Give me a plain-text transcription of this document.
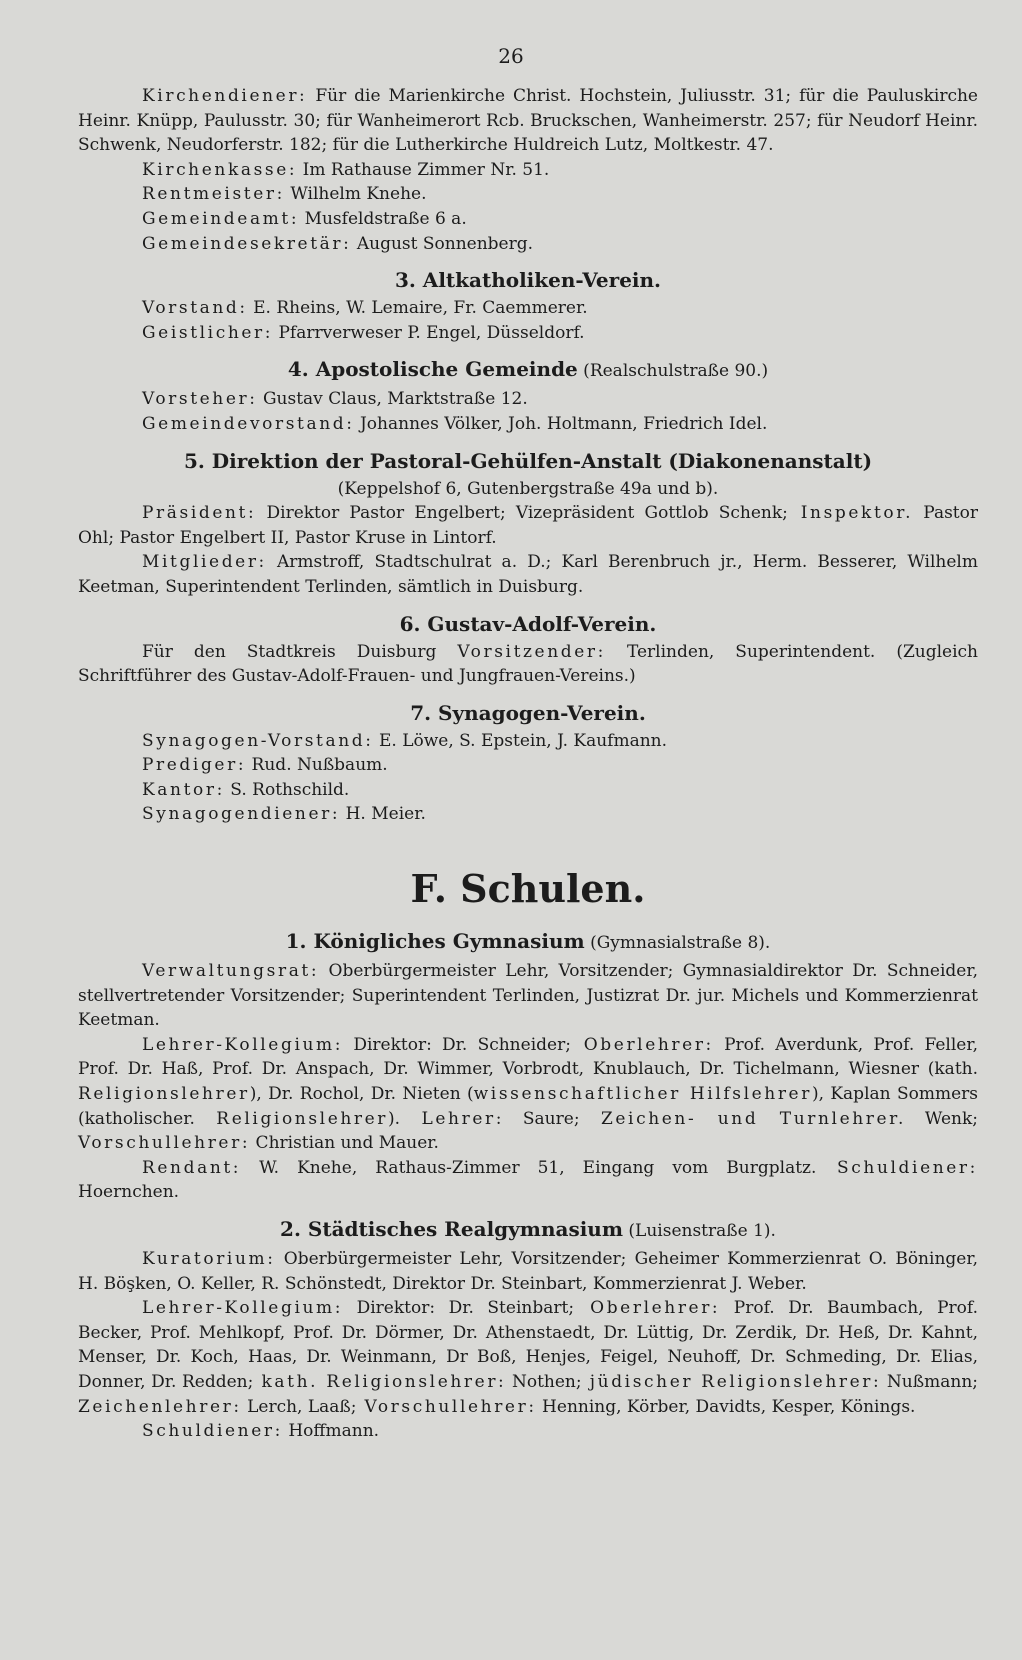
26

Kirchendiener: Für die Marienkirche Christ. Hochstein, Juliusstr. 31; für die Pauluskirche Heinr. Knüpp, Paulusstr. 30; für Wanheimerort Rcb. Bruckschen, Wanheimerstr. 257; für Neudorf Heinr. Schwenk, Neudorferstr. 182; für die Lutherkirche Huldreich Lutz, Moltkestr. 47.

Kirchenkasse: Im Rathause Zimmer Nr. 51.

Rentmeister: Wilhelm Knehe.

Gemeindeamt: Musfeldstraße 6 a.

Gemeindesekretär: August Sonnenberg.

3. Altkatholiken-Verein.

Vorstand: E. Rheins, W. Lemaire, Fr. Caemmerer.

Geistlicher: Pfarrverweser P. Engel, Düsseldorf.

4. Apostolische Gemeinde (Realschulstraße 90.)

Vorsteher: Gustav Claus, Marktstraße 12.

Gemeindevorstand: Johannes Völker, Joh. Holtmann, Friedrich Idel.

5. Direktion der Pastoral-Gehülfen-Anstalt (Diakonenanstalt)

(Keppelshof 6, Gutenbergstraße 49a und b).

Präsident: Direktor Pastor Engelbert; Vizepräsident Gottlob Schenk; Inspektor. Pastor Ohl; Pastor Engelbert II, Pastor Kruse in Lintorf.

Mitglieder: Armstroff, Stadtschulrat a. D.; Karl Berenbruch jr., Herm. Besserer, Wilhelm Keetman, Superintendent Terlinden, sämtlich in Duisburg.

6. Gustav-Adolf-Verein.

Für den Stadtkreis Duisburg Vorsitzender: Terlinden, Superintendent. (Zugleich Schriftführer des Gustav-Adolf-Frauen- und Jungfrauen-Vereins.)

7. Synagogen-Verein.

Synagogen-Vorstand: E. Löwe, S. Epstein, J. Kaufmann.

Prediger: Rud. Nußbaum.

Kantor: S. Rothschild.

Synagogendiener: H. Meier.

F. Schulen.
1. Königliches Gymnasium (Gymnasialstraße 8).

Verwaltungsrat: Oberbürgermeister Lehr, Vorsitzender; Gymnasialdirektor Dr. Schneider, stellvertretender Vorsitzender; Superintendent Terlinden, Justizrat Dr. jur. Michels und Kommerzienrat Keetman.

Lehrer-Kollegium: Direktor: Dr. Schneider; Oberlehrer: Prof. Averdunk, Prof. Feller, Prof. Dr. Haß, Prof. Dr. Anspach, Dr. Wimmer, Vorbrodt, Knublauch, Dr. Tichelmann, Wiesner (kath. Religionslehrer), Dr. Rochol, Dr. Nieten (wissenschaftlicher Hilfslehrer), Kaplan Sommers (katholischer. Religionslehrer). Lehrer: Saure; Zeichen- und Turnlehrer. Wenk; Vorschullehrer: Christian und Mauer.

Rendant: W. Knehe, Rathaus-Zimmer 51, Eingang vom Burgplatz. Schuldiener: Hoernchen.

2. Städtisches Realgymnasium (Luisenstraße 1).

Kuratorium: Oberbürgermeister Lehr, Vorsitzender; Geheimer Kommerzienrat O. Böninger, H. Böşken, O. Keller, R. Schönstedt, Direktor Dr. Steinbart, Kommerzienrat J. Weber.

Lehrer-Kollegium: Direktor: Dr. Steinbart; Oberlehrer: Prof. Dr. Baumbach, Prof. Becker, Prof. Mehlkopf, Prof. Dr. Dörmer, Dr. Athenstaedt, Dr. Lüttig, Dr. Zerdik, Dr. Heß, Dr. Kahnt, Menser, Dr. Koch, Haas, Dr. Weinmann, Dr Boß, Henjes, Feigel, Neuhoff, Dr. Schmeding, Dr. Elias, Donner, Dr. Redden; kath. Religionslehrer: Nothen; jüdischer Religionslehrer: Nußmann; Zeichenlehrer: Lerch, Laaß; Vorschullehrer: Henning, Körber, Davidts, Kesper, Könings.

Schuldiener: Hoffmann.
